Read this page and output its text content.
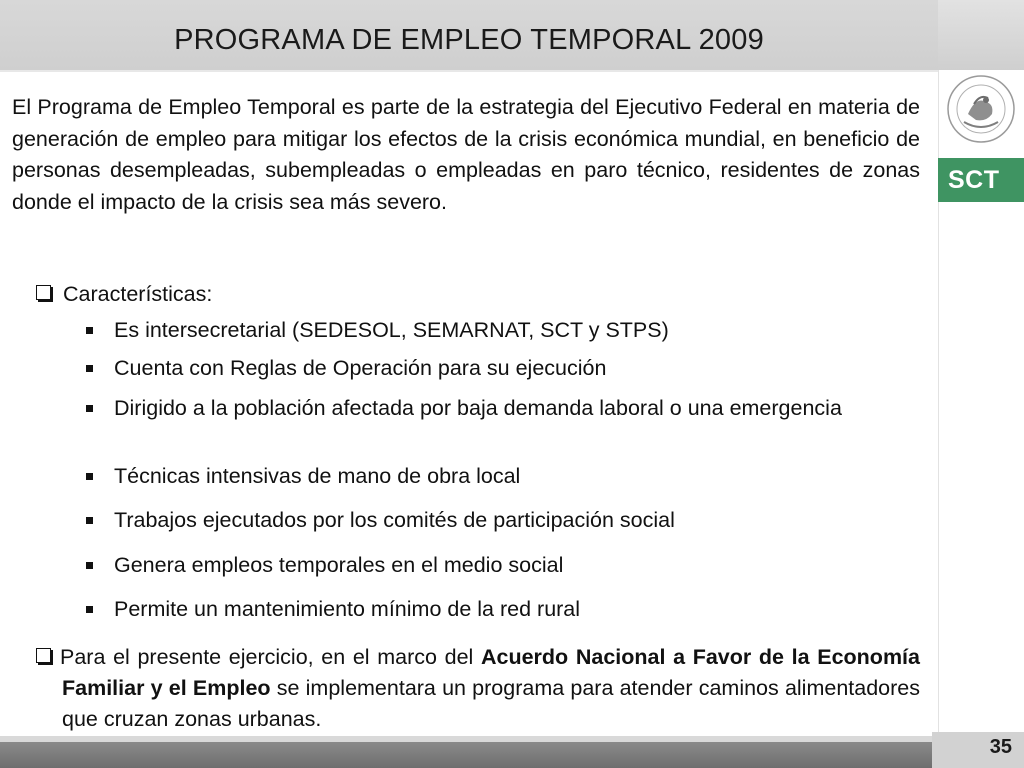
PROGRAMA DE EMPLEO TEMPORAL 2009
SCT

El Programa de Empleo Temporal es parte de la estrategia del Ejecutivo Federal en materia de generación de empleo para mitigar los efectos de la crisis económica mundial, en beneficio de personas desempleadas, subempleadas o empleadas en paro técnico, residentes de zonas donde el impacto de la crisis sea más severo.

Características:
Es intersecretarial (SEDESOL, SEMARNAT, SCT y STPS)
Cuenta con Reglas de Operación para su ejecución
Dirigido a la población afectada por baja demanda laboral o una emergencia
Técnicas intensivas de mano de obra local
Trabajos ejecutados por los comités de participación social
Genera empleos temporales en el medio social
Permite un mantenimiento mínimo de la red rural
Para el presente ejercicio, en el marco del Acuerdo Nacional a Favor de la Economía Familiar y el Empleo se implementara un programa para atender caminos alimentadores que cruzan zonas urbanas.
35
